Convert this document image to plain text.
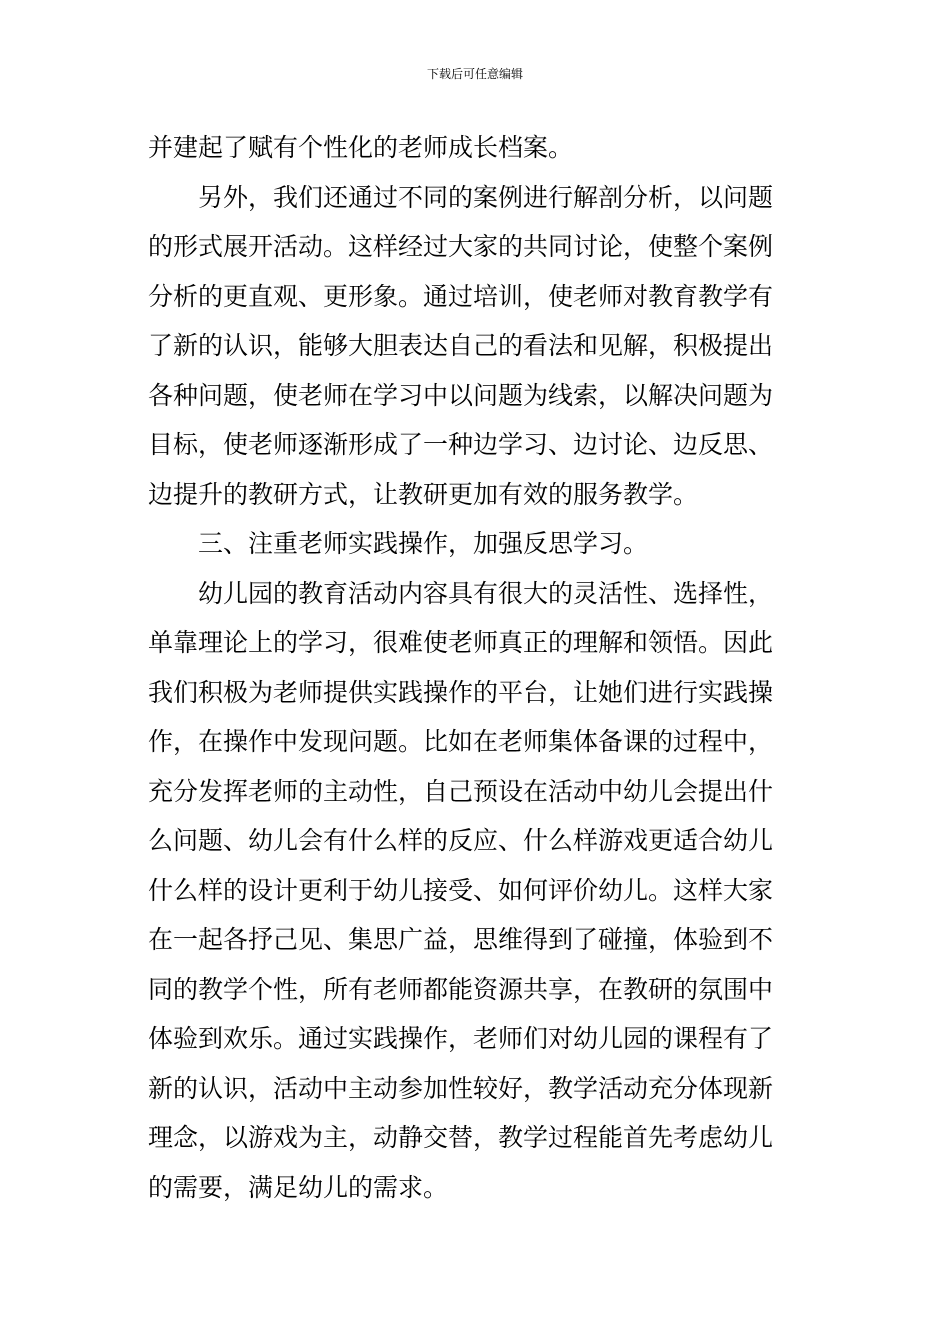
下载后可任意编辑
并建起了赋有个性化的老师成长档案。
另外，我们还通过不同的案例进行解剖分析，以问题
的形式展开活动。这样经过大家的共同讨论，使整个案例
分析的更直观、更形象。通过培训，使老师对教育教学有
了新的认识，能够大胆表达自己的看法和见解，积极提出
各种问题，使老师在学习中以问题为线索，以解决问题为
目标，使老师逐渐形成了一种边学习、边讨论、边反思、
边提升的教研方式，让教研更加有效的服务教学。
三、注重老师实践操作，加强反思学习。
幼儿园的教育活动内容具有很大的灵活性、选择性，
单靠理论上的学习，很难使老师真正的理解和领悟。因此
我们积极为老师提供实践操作的平台，让她们进行实践操
作，在操作中发现问题。比如在老师集体备课的过程中，
充分发挥老师的主动性，自己预设在活动中幼儿会提出什
么问题、幼儿会有什么样的反应、什么样游戏更适合幼儿
什么样的设计更利于幼儿接受、如何评价幼儿。这样大家
在一起各抒己见、集思广益，思维得到了碰撞，体验到不
同的教学个性，所有老师都能资源共享，在教研的氛围中
体验到欢乐。通过实践操作，老师们对幼儿园的课程有了
新的认识，活动中主动参加性较好，教学活动充分体现新
理念，以游戏为主，动静交替，教学过程能首先考虑幼儿
的需要，满足幼儿的需求。
